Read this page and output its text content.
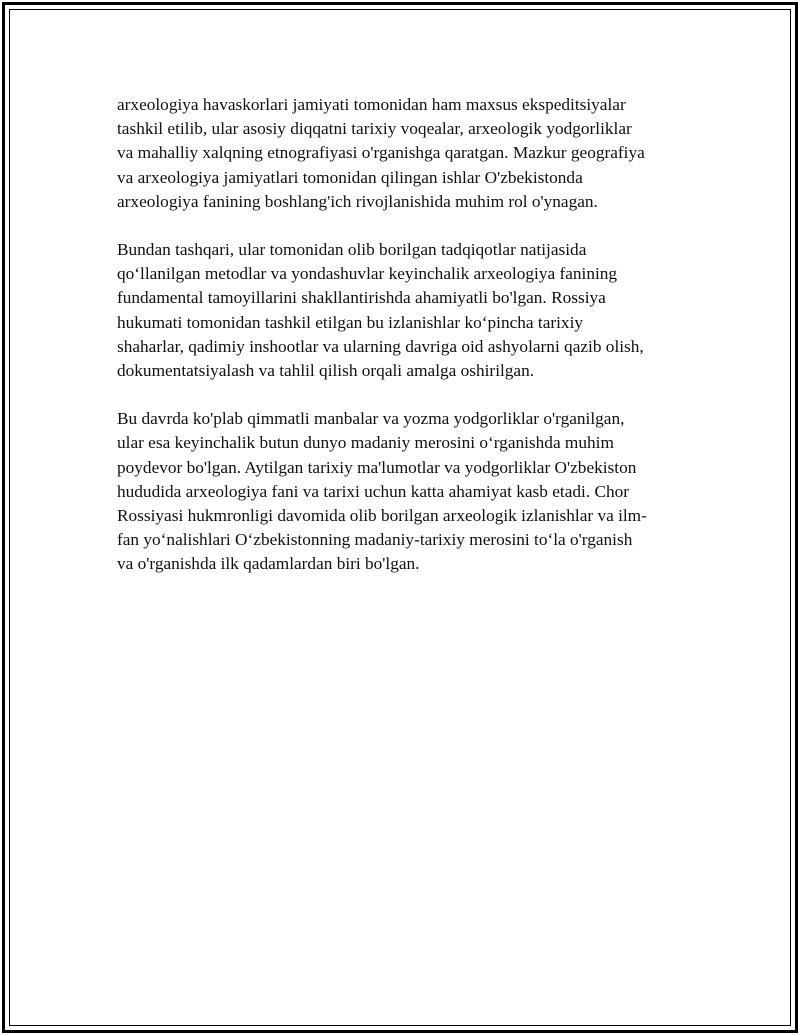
arxeologiya havaskorlari jamiyati tomonidan ham maxsus ekspeditsiyalar
tashkil etilib, ular asosiy diqqatni tarixiy voqealar, arxeologik yodgorliklar
va mahalliy xalqning etnografiyasi o'rganishga qaratgan. Mazkur geografiya
va arxeologiya jamiyatlari tomonidan qilingan ishlar O'zbekistonda
arxeologiya fanining boshlang'ich rivojlanishida muhim rol o'ynagan.

Bundan tashqari, ular tomonidan olib borilgan tadqiqotlar natijasida
qo‘llanilgan metodlar va yondashuvlar keyinchalik arxeologiya fanining
fundamental tamoyillarini shakllantirishda ahamiyatli bo'lgan. Rossiya
hukumati tomonidan tashkil etilgan bu izlanishlar ko‘pincha tarixiy
shaharlar, qadimiy inshootlar va ularning davriga oid ashyolarni qazib olish,
dokumentatsiyalash va tahlil qilish orqali amalga oshirilgan.

Bu davrda ko'plab qimmatli manbalar va yozma yodgorliklar o'rganilgan,
ular esa keyinchalik butun dunyo madaniy merosini o‘rganishda muhim
poydevor bo'lgan. Aytilgan tarixiy ma'lumotlar va yodgorliklar O'zbekiston
hududida arxeologiya fani va tarixi uchun katta ahamiyat kasb etadi. Chor
Rossiyasi hukmronligi davomida olib borilgan arxeologik izlanishlar va ilm-
fan yo‘nalishlari O‘zbekistonning madaniy-tarixiy merosini to‘la o'rganish
va o'rganishda ilk qadamlardan biri bo'lgan.
